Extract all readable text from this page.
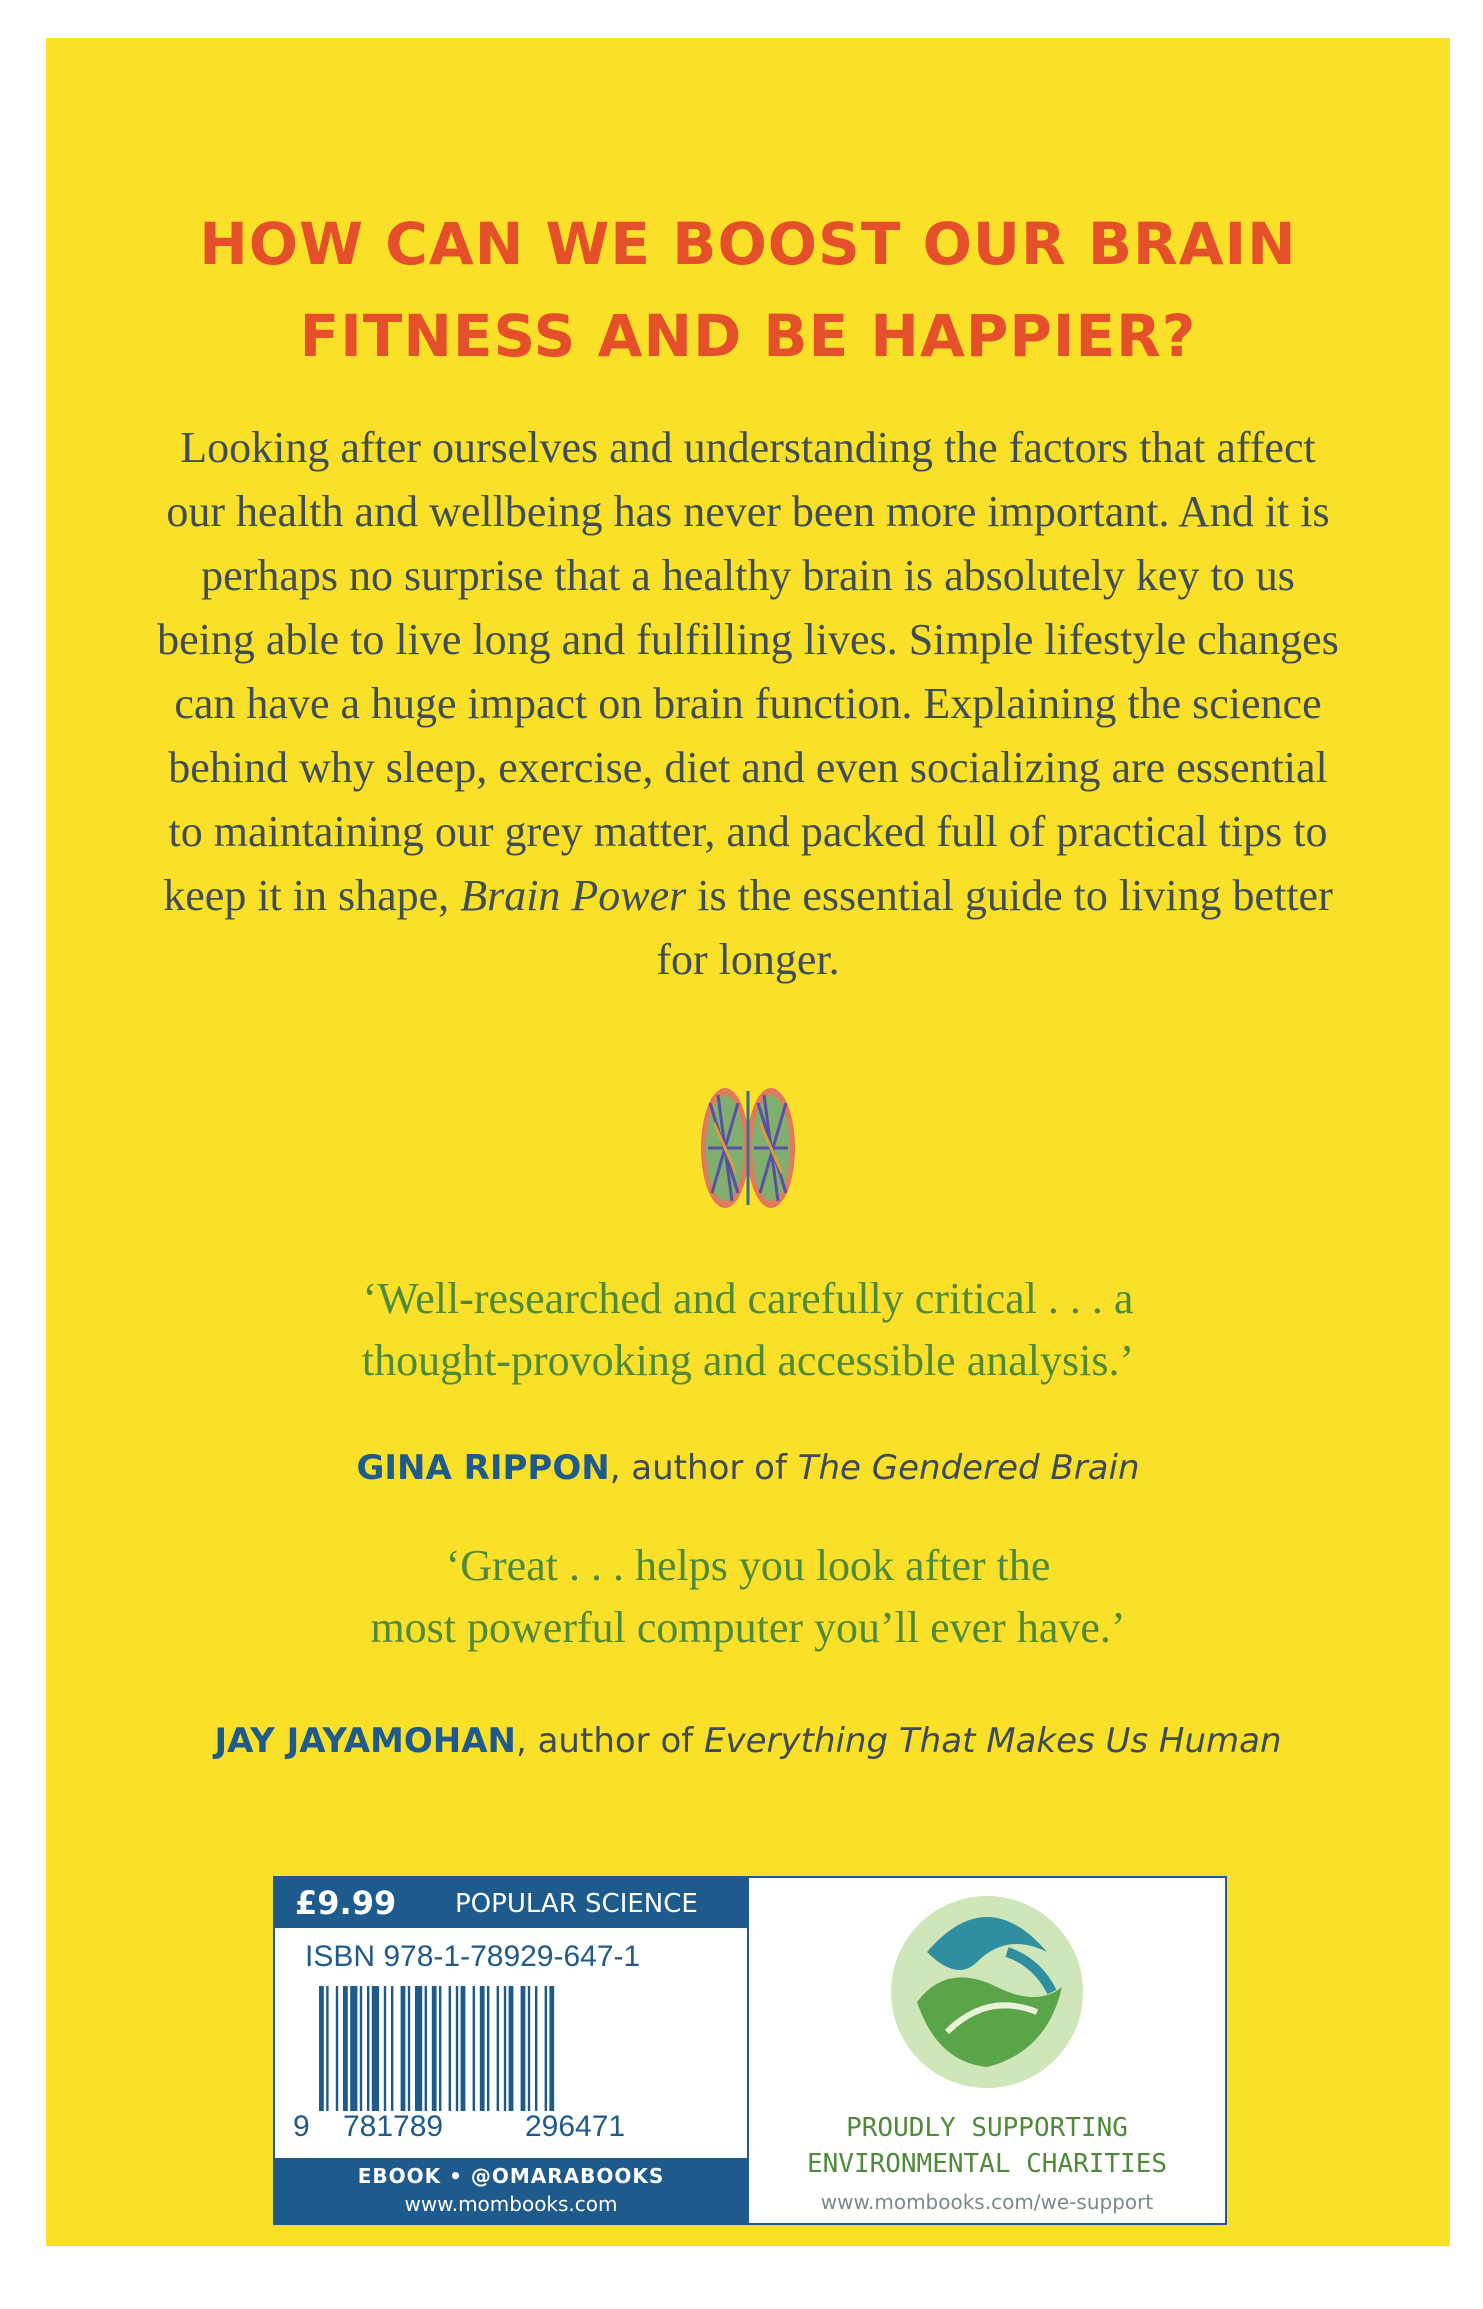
HOW CAN WE BOOST OUR BRAIN
FITNESS AND BE HAPPIER?
Looking after ourselves and understanding the factors that affect our health and wellbeing has never been more important. And it is perhaps no surprise that a healthy brain is absolutely key to us being able to live long and fulfilling lives. Simple lifestyle changes can have a huge impact on brain function. Explaining the science behind why sleep, exercise, diet and even socializing are essential to maintaining our grey matter, and packed full of practical tips to keep it in shape, Brain Power is the essential guide to living better for longer.
‘Well-researched and carefully critical . . . a
thought-provoking and accessible analysis.’
GINA RIPPON, author of The Gendered Brain
‘Great . . . helps you look after the
most powerful computer you’ll ever have.’
JAY JAYAMOHAN, author of Everything That Makes Us Human
£9.99 POPULAR SCIENCE
ISBN 978-1-78929-647-1
9 781789	296471
EBOOK • @OMARABOOKS
www.mombooks.com
PROUDLY SUPPORTING
ENVIRONMENTAL CHARITIES
www.mombooks.com/we-support
